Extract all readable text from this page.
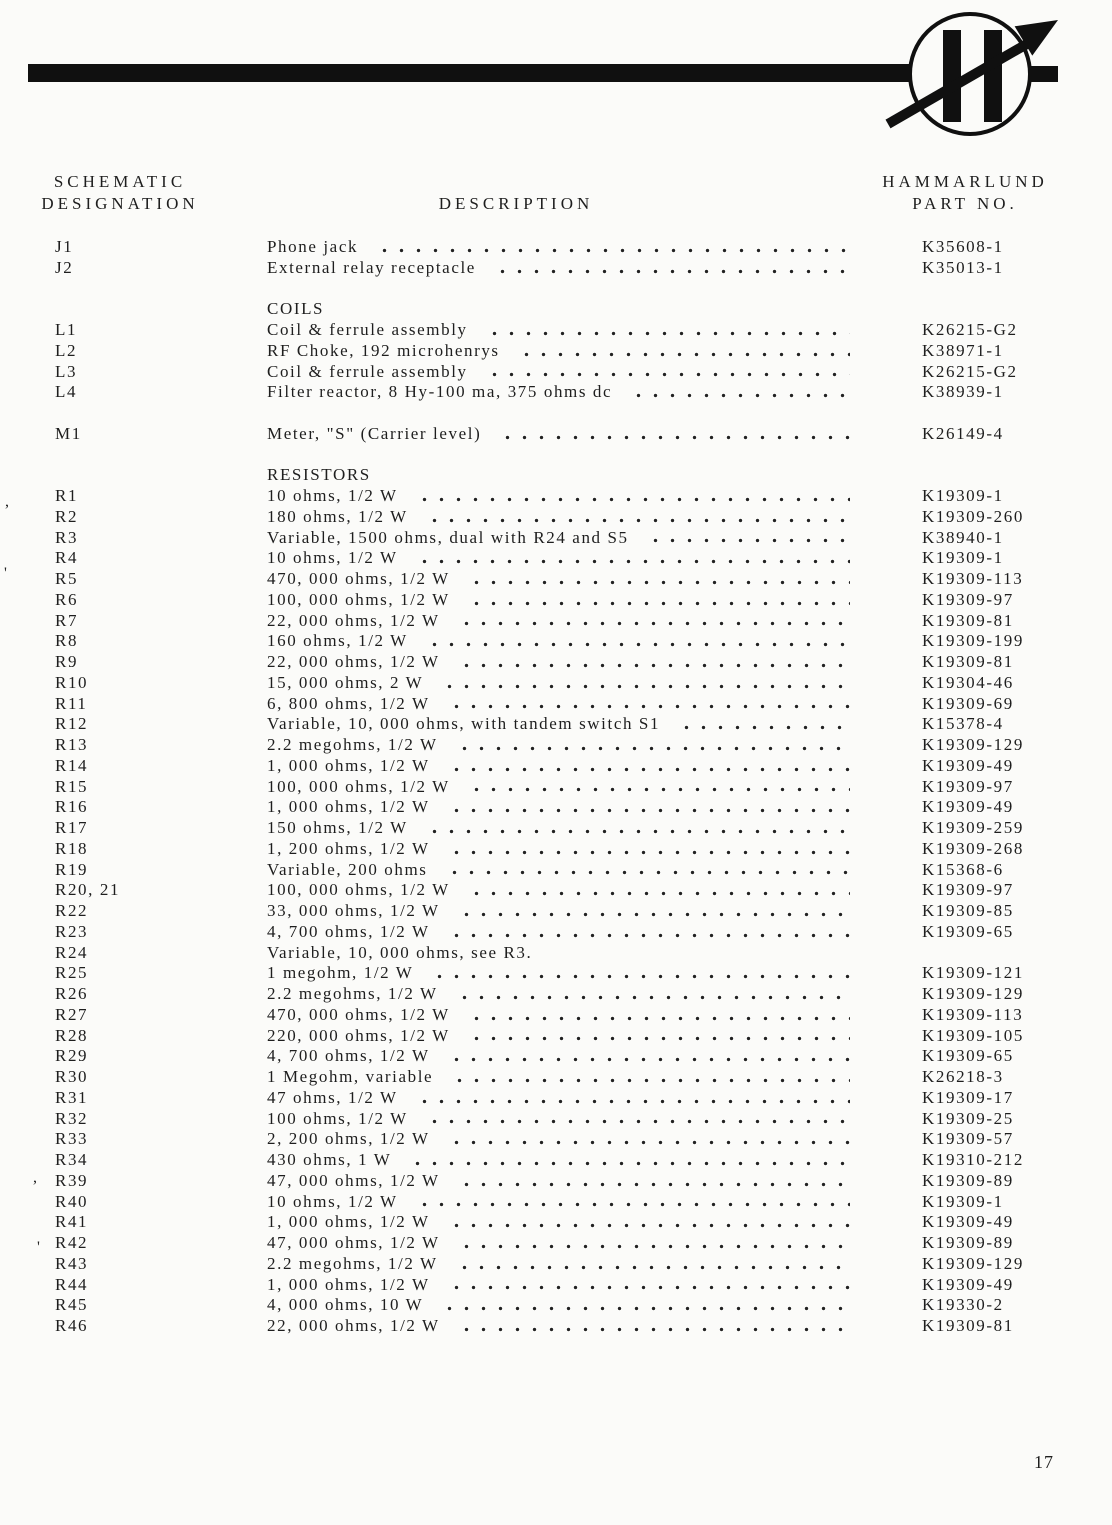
SCHEMATIC
DESIGNATION	DESCRIPTION
HAMMARLUND
PART NO.
J1	Phone jack	K35608-1
J2	External relay receptacle	K35013-1
COILS
L1	Coil & ferrule assembly	K26215-G2
L2	RF Choke, 192 microhenrys	K38971-1
L3	Coil & ferrule assembly	K26215-G2
L4	Filter reactor, 8 Hy-100 ma, 375 ohms dc	K38939-1
M1	Meter, "S" (Carrier level)	K26149-4
RESISTORS
R1	10 ohms, 1/2 W	K19309-1
R2	180 ohms, 1/2 W	K19309-260
R3	Variable, 1500 ohms, dual with R24 and S5	K38940-1
R4	10 ohms, 1/2 W	K19309-1
R5	470, 000 ohms, 1/2 W	K19309-113
R6	100, 000 ohms, 1/2 W	K19309-97
R7	22, 000 ohms, 1/2 W	K19309-81
R8	160 ohms, 1/2 W	K19309-199
R9	22, 000 ohms, 1/2 W	K19309-81
R10	15, 000 ohms, 2 W	K19304-46
R11	6, 800 ohms, 1/2 W	K19309-69
R12	Variable, 10, 000 ohms, with tandem switch S1	K15378-4
R13	2.2 megohms, 1/2 W	K19309-129
R14	1, 000 ohms, 1/2 W	K19309-49
R15	100, 000 ohms, 1/2 W	K19309-97
R16	1, 000 ohms, 1/2 W	K19309-49
R17	150 ohms, 1/2 W	K19309-259
R18	1, 200 ohms, 1/2 W	K19309-268
R19	Variable, 200 ohms	K15368-6
R20, 21	100, 000 ohms, 1/2 W	K19309-97
R22	33, 000 ohms, 1/2 W	K19309-85
R23	4, 700 ohms, 1/2 W	K19309-65
R24	Variable, 10, 000 ohms, see R3.
R25	1 megohm, 1/2 W	K19309-121
R26	2.2 megohms, 1/2 W	K19309-129
R27	470, 000 ohms, 1/2 W	K19309-113
R28	220, 000 ohms, 1/2 W	K19309-105
R29	4, 700 ohms, 1/2 W	K19309-65
R30	1 Megohm, variable	K26218-3
R31	47 ohms, 1/2 W	K19309-17
R32	100 ohms, 1/2 W	K19309-25
R33	2, 200 ohms, 1/2 W	K19309-57
R34	430 ohms, 1 W	K19310-212
R39	47, 000 ohms, 1/2 W	K19309-89
R40	10 ohms, 1/2 W	K19309-1
R41	1, 000 ohms, 1/2 W	K19309-49
R42	47, 000 ohms, 1/2 W	K19309-89
R43	2.2 megohms, 1/2 W	K19309-129
R44	1, 000 ohms, 1/2 W	K19309-49
R45	4, 000 ohms, 10 W	K19330-2
R46	22, 000 ohms, 1/2 W	K19309-81
,
'
,
'
17
